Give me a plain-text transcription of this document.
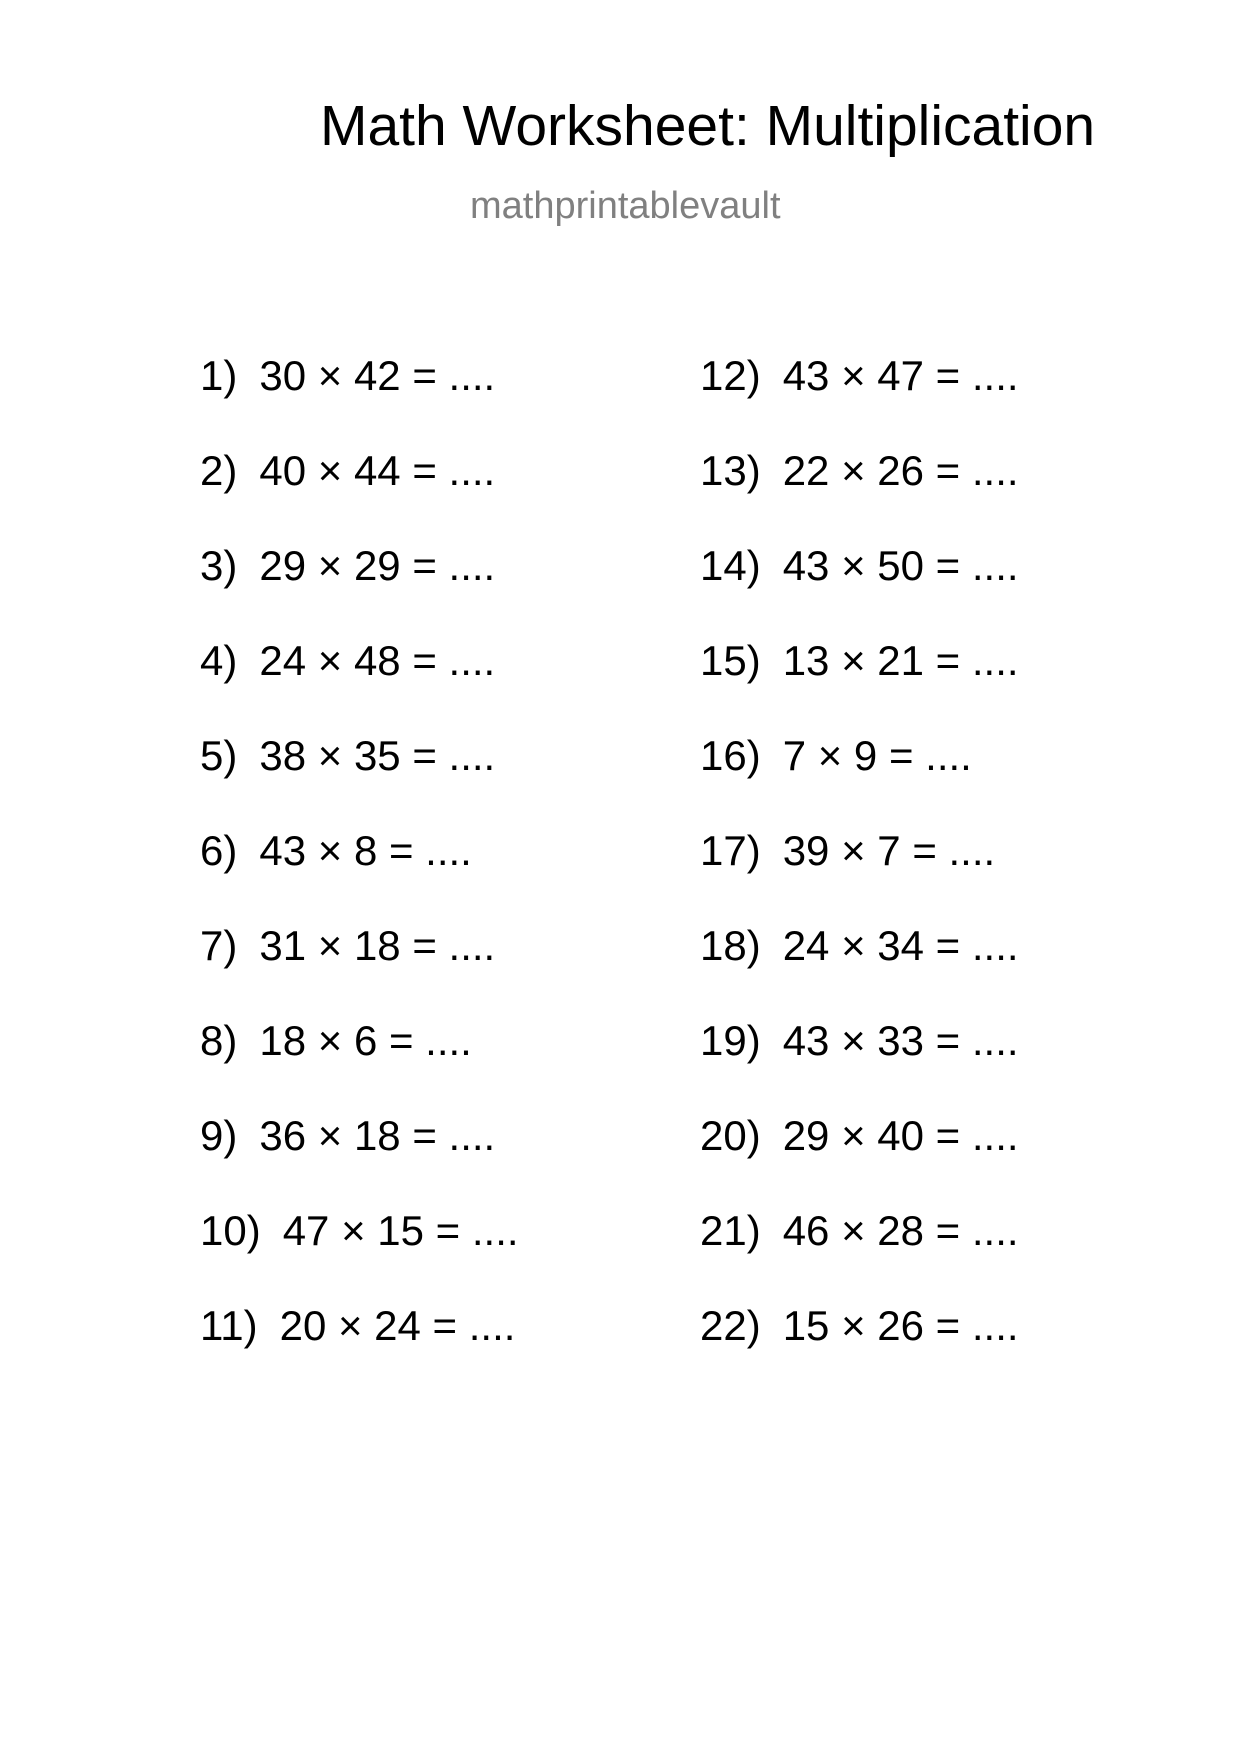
Math Worksheet: Multiplication
mathprintablevault
1) 30 × 42 = ....
2) 40 × 44 = ....
3) 29 × 29 = ....
4) 24 × 48 = ....
5) 38 × 35 = ....
6) 43 × 8 = ....
7) 31 × 18 = ....
8) 18 × 6 = ....
9) 36 × 18 = ....
10) 47 × 15 = ....
11) 20 × 24 = ....
12) 43 × 47 = ....
13) 22 × 26 = ....
14) 43 × 50 = ....
15) 13 × 21 = ....
16) 7 × 9 = ....
17) 39 × 7 = ....
18) 24 × 34 = ....
19) 43 × 33 = ....
20) 29 × 40 = ....
21) 46 × 28 = ....
22) 15 × 26 = ....
